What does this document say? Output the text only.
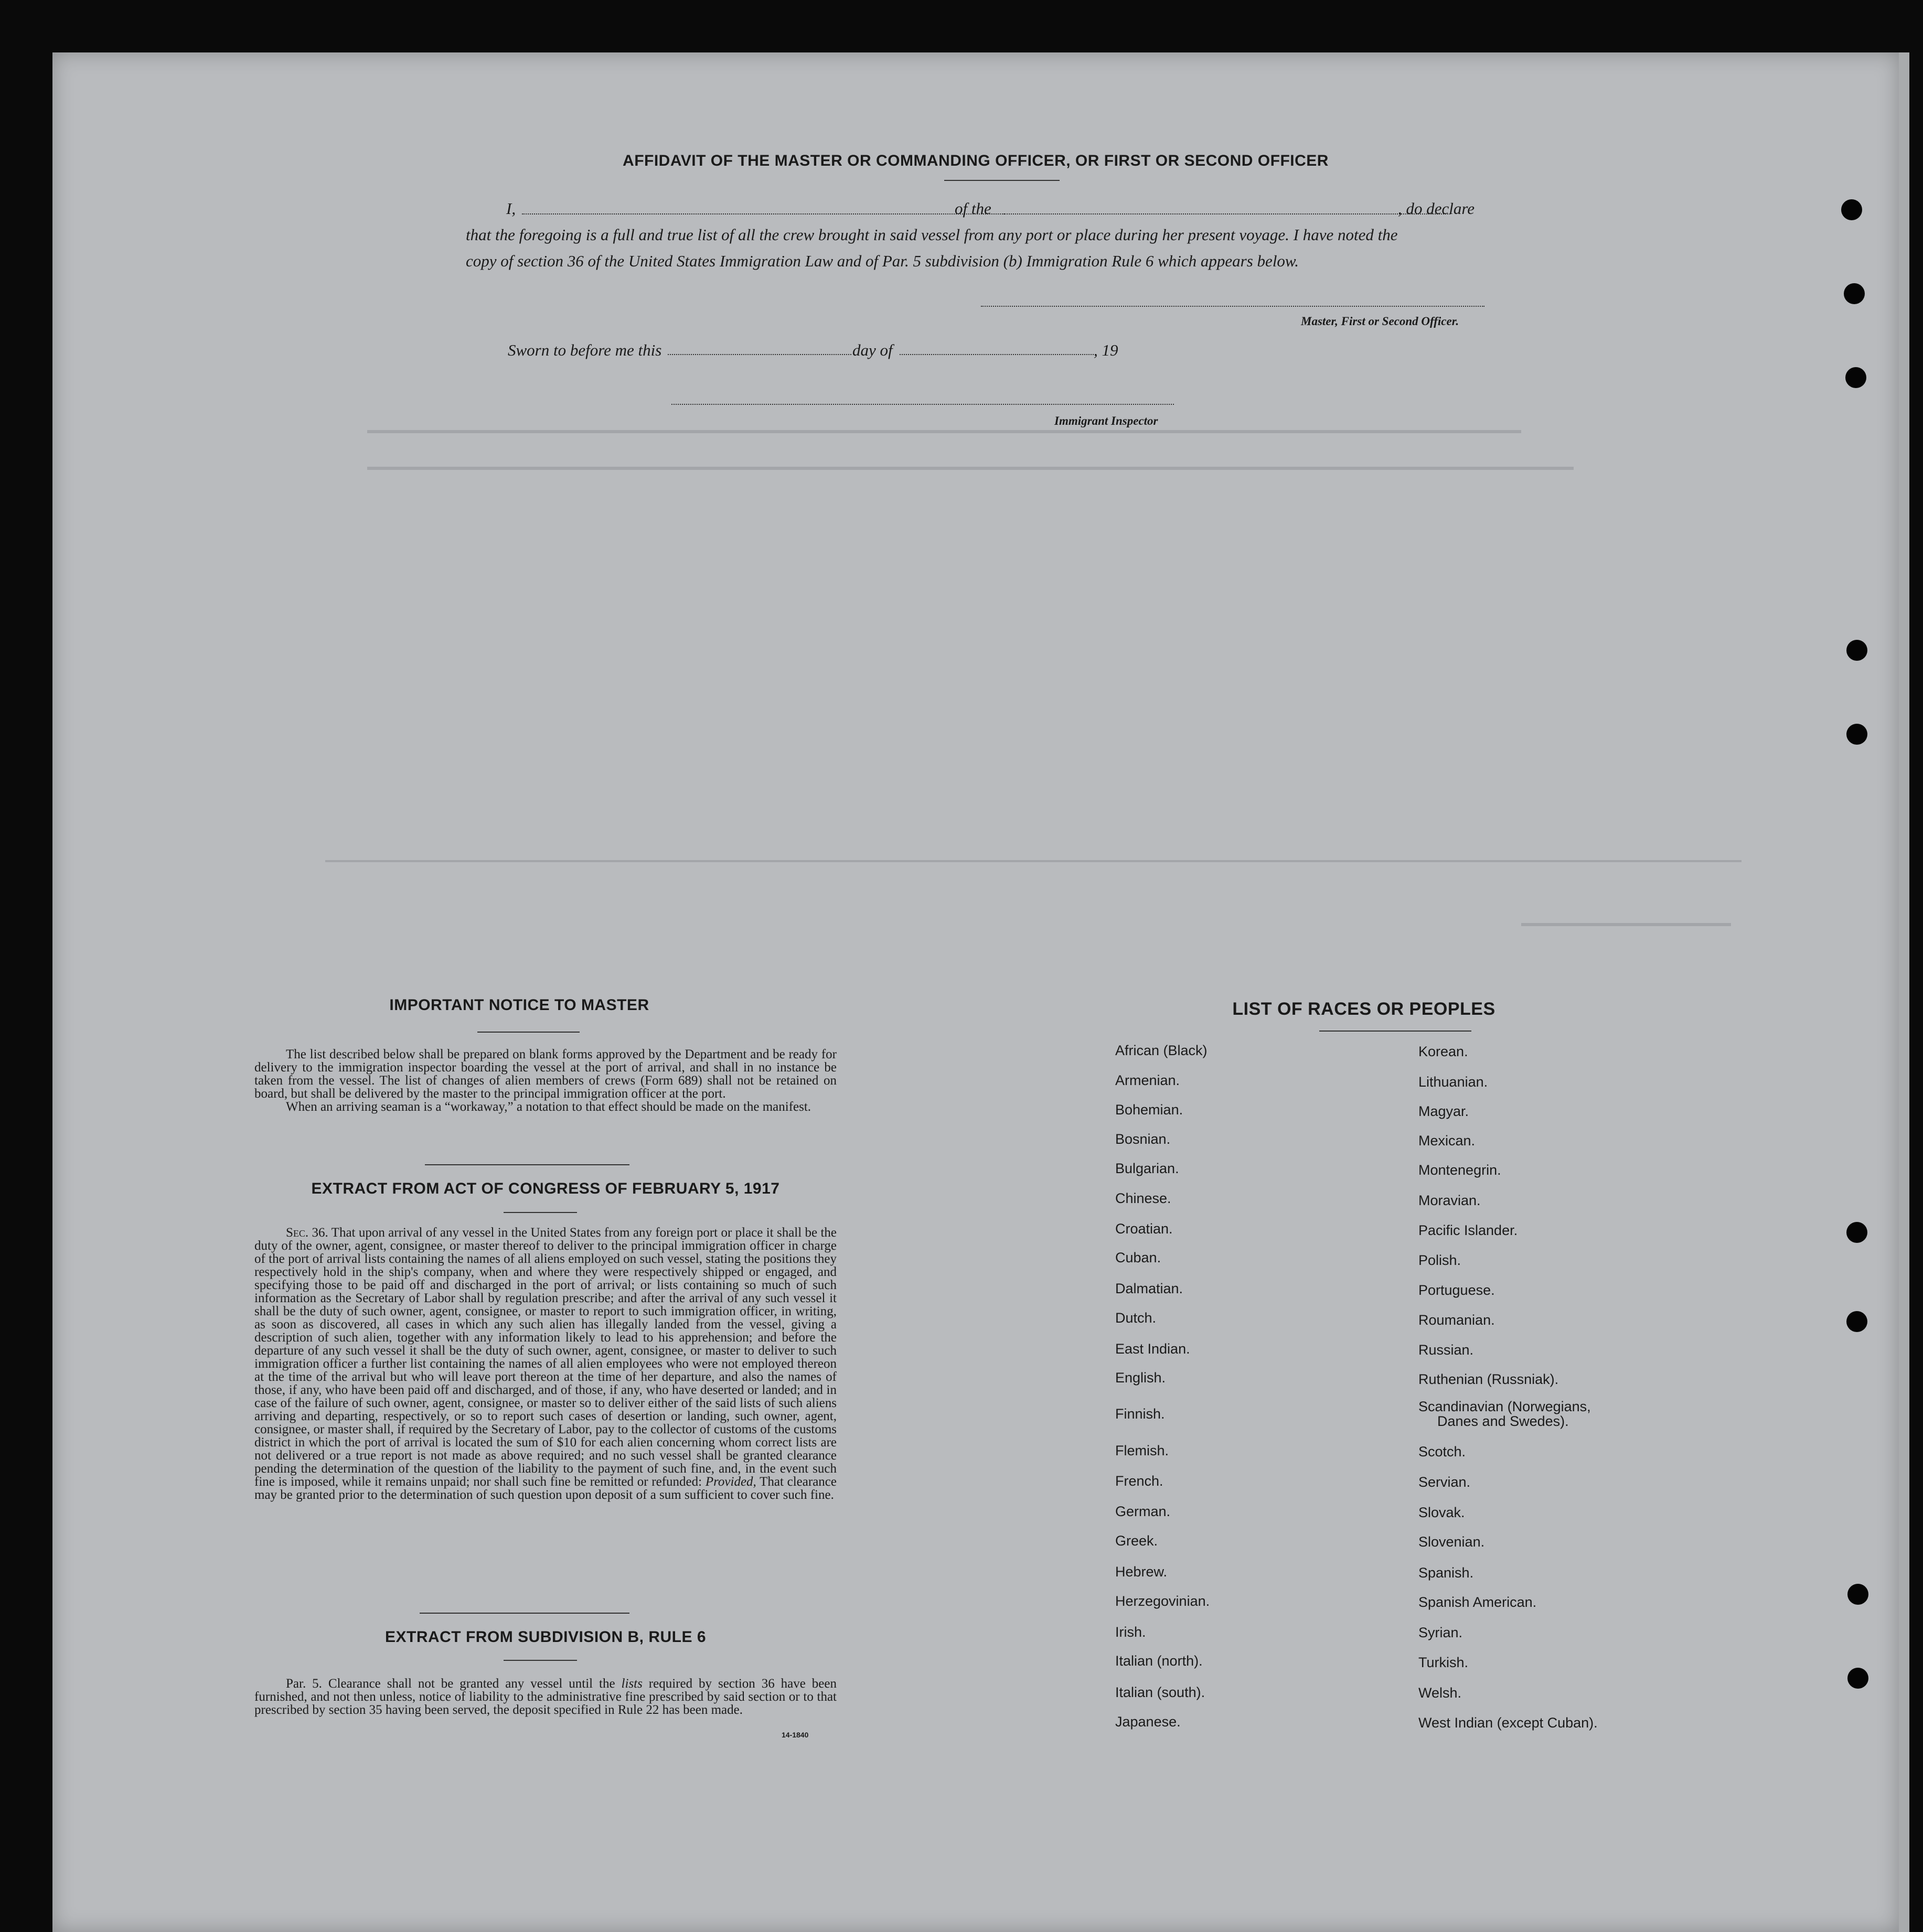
AFFIDAVIT OF THE MASTER OR COMMANDING OFFICER, OR FIRST OR SECOND OFFICER
I,	of the	, do declare
that the foregoing is a full and true list of all the crew brought in said vessel from any port or place during her present voyage. I have noted the
copy of section 36 of the United States Immigration Law and of Par. 5 subdivision (b) Immigration Rule 6 which appears below.
Master, First or Second Officer.
Sworn to before me this	day of	, 19
Immigrant Inspector
IMPORTANT NOTICE TO MASTER

The list described below shall be prepared on blank forms approved by the Department and be ready for delivery to the immigration inspector boarding the vessel at the port of arrival, and shall in no instance be taken from the vessel. The list of changes of alien members of crews (Form 689) shall not be retained on board, but shall be delivered by the master to the principal immigration officer at the port.

When an arriving seaman is a “workaway,” a notation to that effect should be made on the manifest.

EXTRACT FROM ACT OF CONGRESS OF FEBRUARY 5, 1917

Sec. 36. That upon arrival of any vessel in the United States from any foreign port or place it shall be the duty of the owner, agent, consignee, or master thereof to deliver to the principal immigration officer in charge of the port of arrival lists containing the names of all aliens employed on such vessel, stating the positions they respectively hold in the ship's company, when and where they were respectively shipped or engaged, and specifying those to be paid off and discharged in the port of arrival; or lists containing so much of such information as the Secretary of Labor shall by regulation prescribe; and after the arrival of any such vessel it shall be the duty of such owner, agent, consignee, or master to report to such immigration officer, in writing, as soon as discovered, all cases in which any such alien has illegally landed from the vessel, giving a description of such alien, together with any information likely to lead to his apprehension; and before the departure of any such vessel it shall be the duty of such owner, agent, consignee, or master to deliver to such immigration officer a further list containing the names of all alien employees who were not employed thereon at the time of the arrival but who will leave port thereon at the time of her departure, and also the names of those, if any, who have been paid off and discharged, and of those, if any, who have deserted or landed; and in case of the failure of such owner, agent, consignee, or master so to deliver either of the said lists of such aliens arriving and departing, respectively, or so to report such cases of desertion or landing, such owner, agent, consignee, or master shall, if required by the Secretary of Labor, pay to the collector of customs of the customs district in which the port of arrival is located the sum of $10 for each alien concerning whom correct lists are not delivered or a true report is not made as above required; and no such vessel shall be granted clearance pending the determination of the question of the liability to the payment of such fine, and, in the event such fine is imposed, while it remains unpaid; nor shall such fine be remitted or refunded: Provided, That clearance may be granted prior to the determination of such question upon deposit of a sum sufficient to cover such fine.

EXTRACT FROM SUBDIVISION B, RULE 6

Par. 5. Clearance shall not be granted any vessel until the lists required by section 36 have been furnished, and not then unless, notice of liability to the administrative fine prescribed by said section or to that prescribed by section 35 having been served, the deposit specified in Rule 22 has been made.

14-1840
LIST OF RACES OR PEOPLES
African (Black)
Armenian.
Bohemian.
Bosnian.
Bulgarian.
Chinese.
Croatian.
Cuban.
Dalmatian.
Dutch.
East Indian.
English.
Finnish.
Flemish.
French.
German.
Greek.
Hebrew.
Herzegovinian.
Irish.
Italian (north).
Italian (south).
Japanese.
Korean.
Lithuanian.
Magyar.
Mexican.
Montenegrin.
Moravian.
Pacific Islander.
Polish.
Portuguese.
Roumanian.
Russian.
Ruthenian (Russniak).
Scandinavian (Norwegians,
Danes and Swedes).
Scotch.
Servian.
Slovak.
Slovenian.
Spanish.
Spanish American.
Syrian.
Turkish.
Welsh.
West Indian (except Cuban).
